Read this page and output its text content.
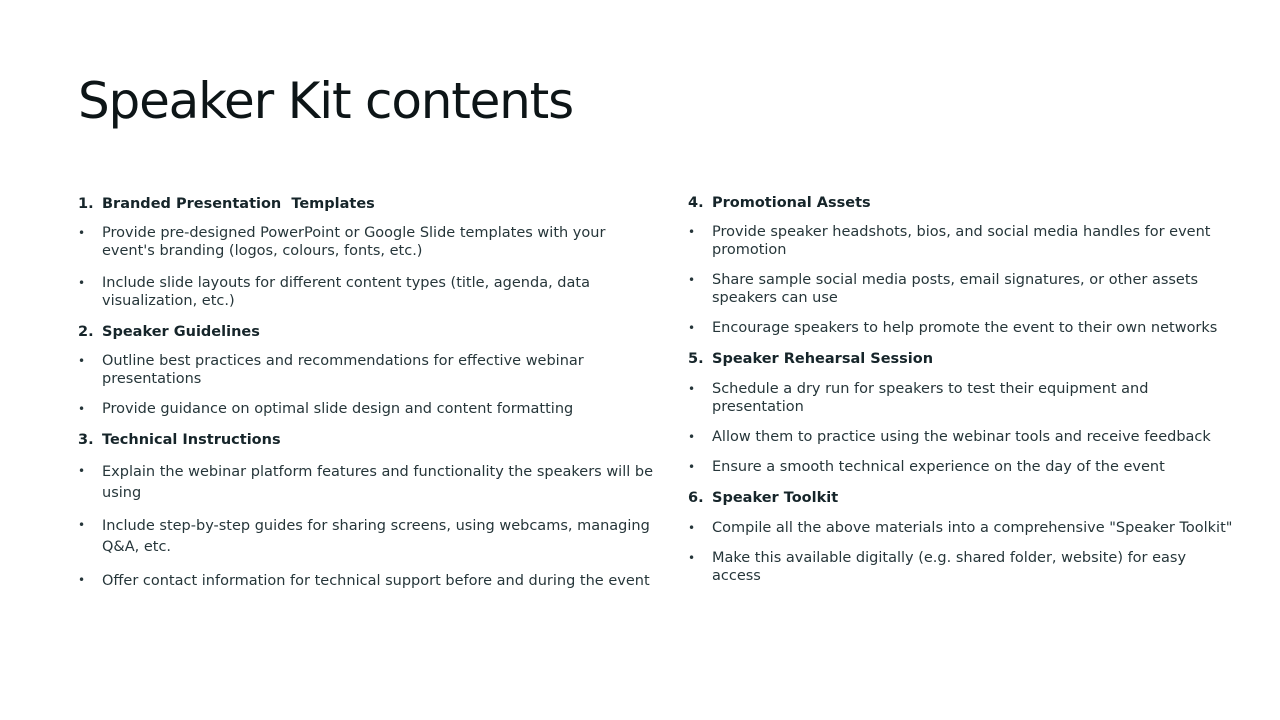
Speaker Kit contents
1. Branded Presentation  Templates
•	Provide pre-designed PowerPoint or Google Slide templates with your event's branding (logos, colours, fonts, etc.)
•	Include slide layouts for different content types (title, agenda, data visualization, etc.)
2. Speaker Guidelines
•	Outline best practices and recommendations for effective webinar presentations
•	Provide guidance on optimal slide design and content formatting
3. Technical Instructions
•	Explain the webinar platform features and functionality the speakers will be using
•	Include step-by-step guides for sharing screens, using webcams, managing Q&A, etc.
•	Offer contact information for technical support before and during the event
4. Promotional Assets
•	Provide speaker headshots, bios, and social media handles for event promotion
•	Share sample social media posts, email signatures, or other assets speakers can use
•	Encourage speakers to help promote the event to their own networks
5. Speaker Rehearsal Session
•	Schedule a dry run for speakers to test their equipment and presentation
•	Allow them to practice using the webinar tools and receive feedback
•	Ensure a smooth technical experience on the day of the event
6. Speaker Toolkit
•	Compile all the above materials into a comprehensive "Speaker Toolkit"
•	Make this available digitally (e.g. shared folder, website) for easy access
